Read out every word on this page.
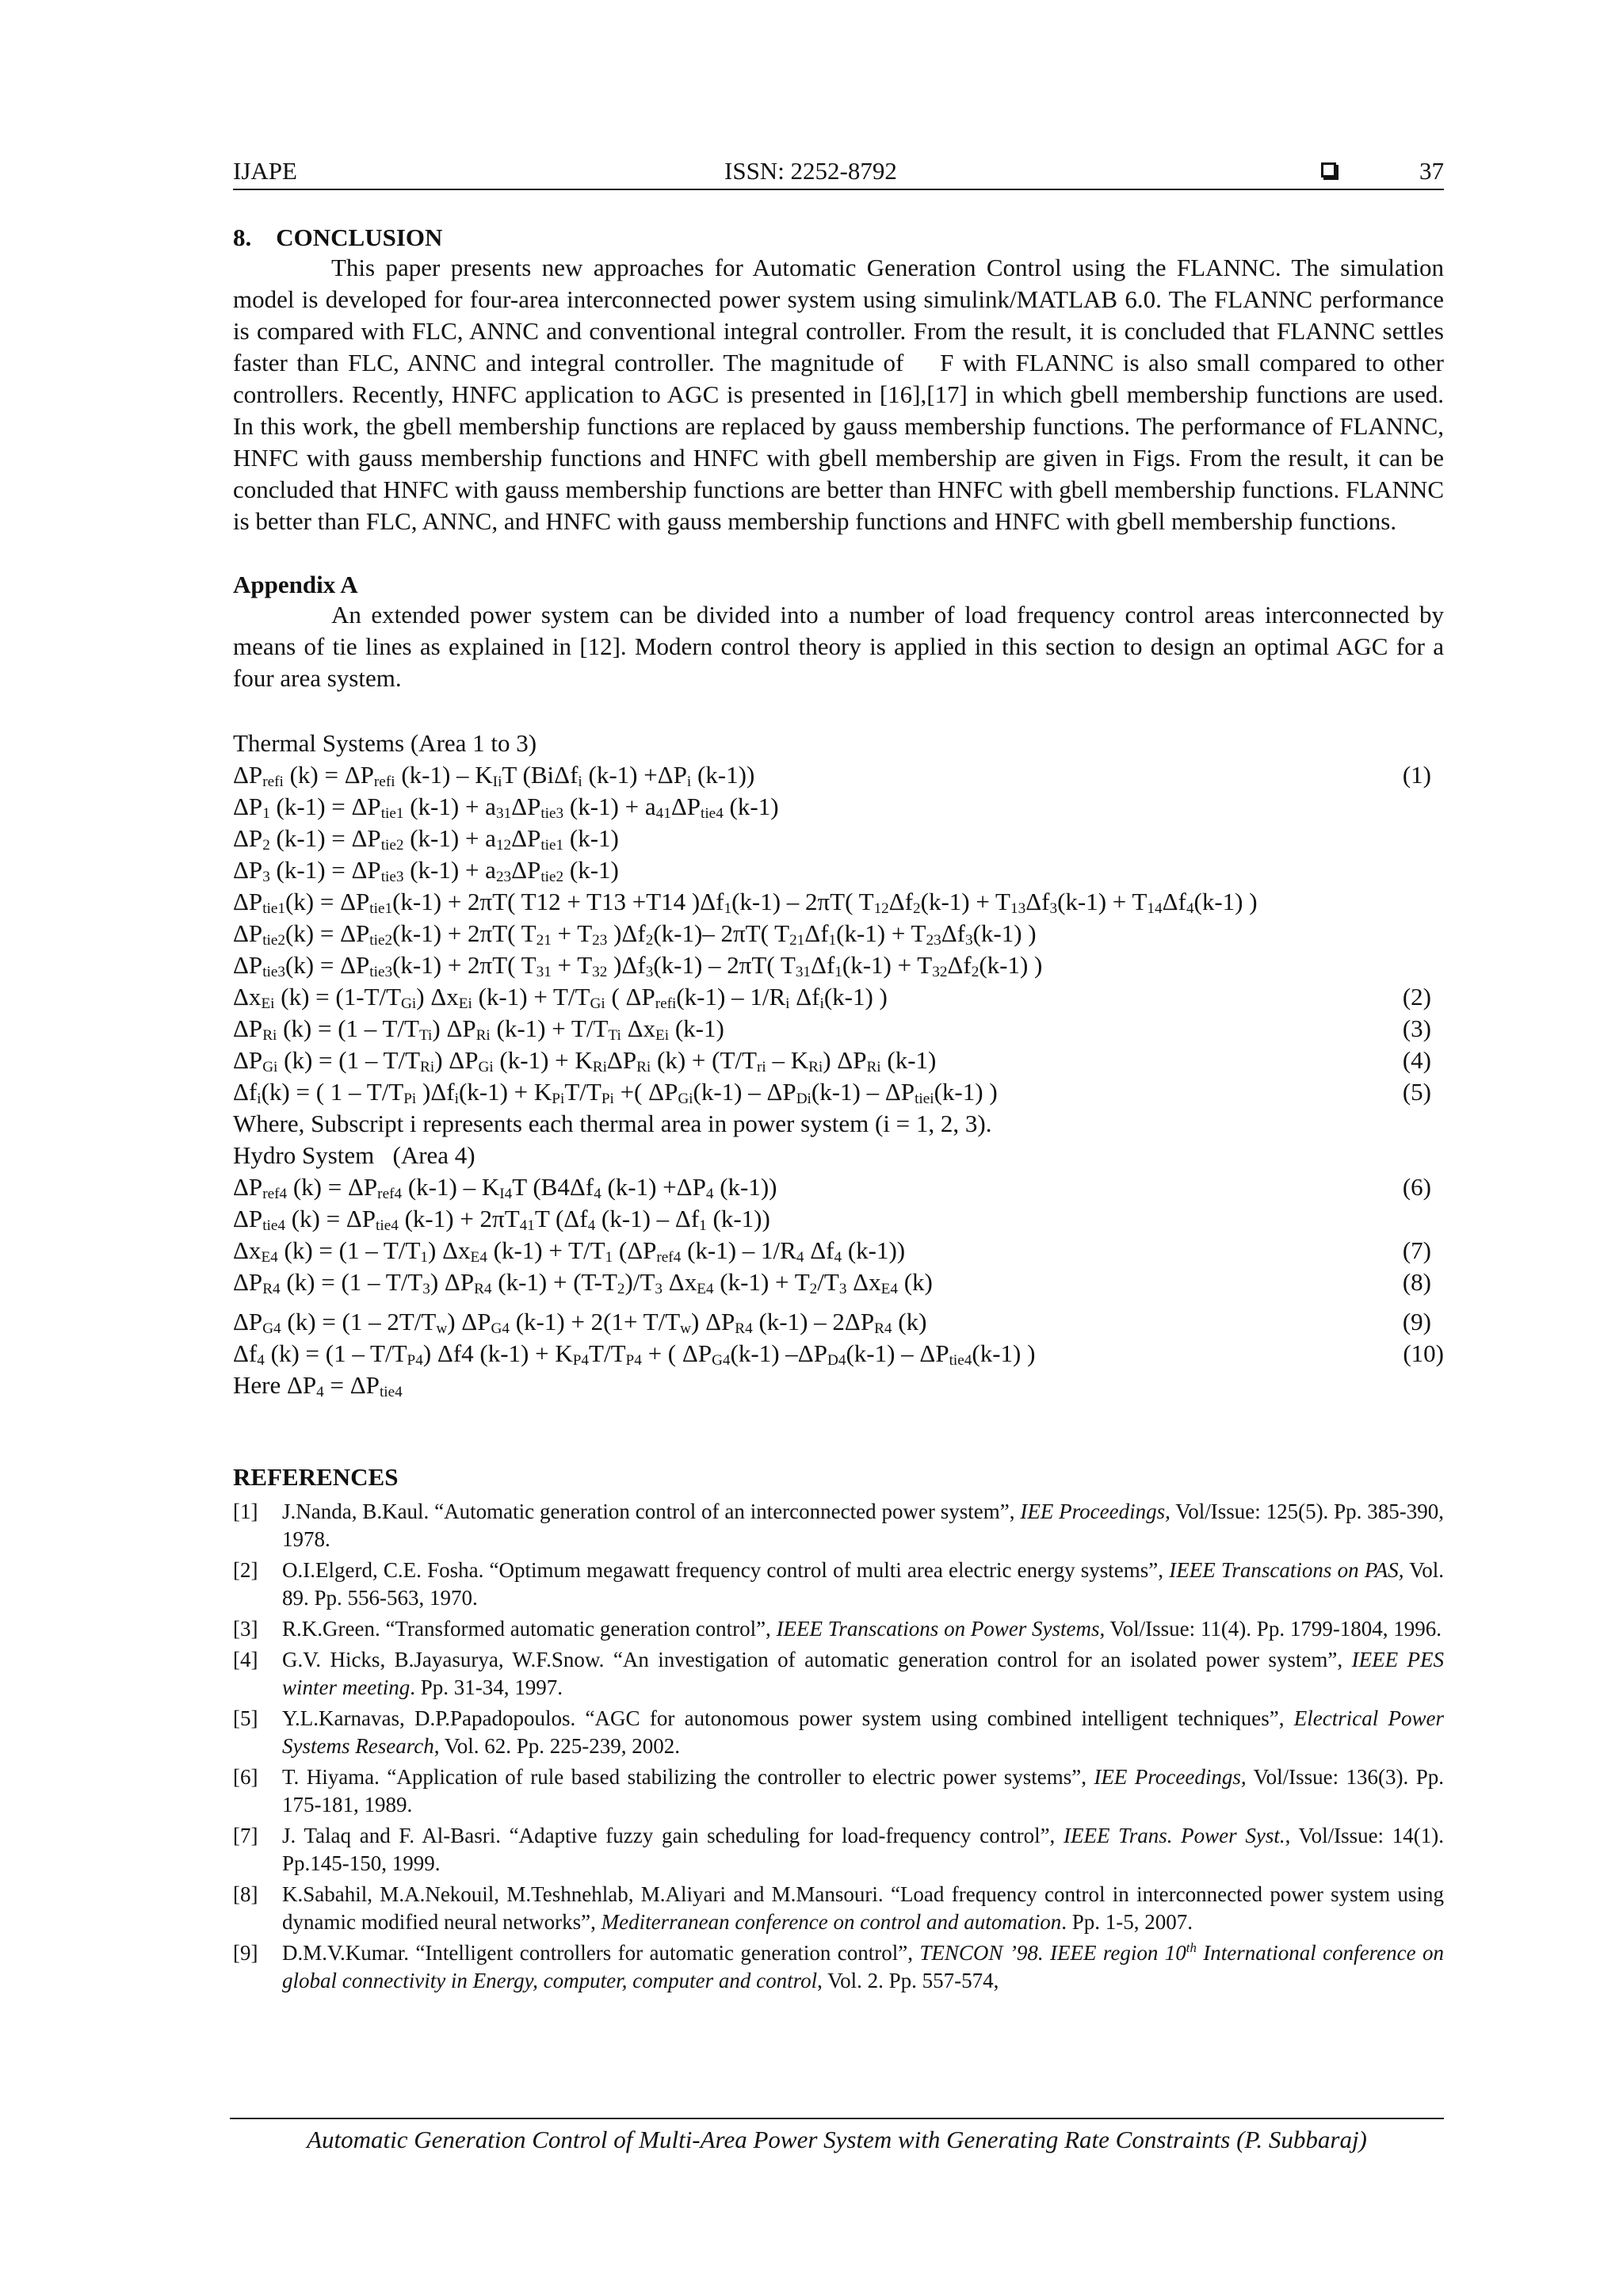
IJAPE	ISSN: 2252-8792	37
8.    CONCLUSION

This paper presents new approaches for Automatic Generation Control using the FLANNC. The simulation model is developed for four-area interconnected power system using simulink/MATLAB 6.0. The FLANNC performance is compared with FLC, ANNC and conventional integral controller. From the result, it is concluded that FLANNC settles faster than FLC, ANNC and integral controller. The magnitude of    F with FLANNC is also small compared to other controllers. Recently, HNFC application to AGC is presented in [16],[17] in which gbell membership functions are used. In this work, the gbell membership functions are replaced by gauss membership functions. The performance of FLANNC, HNFC with gauss membership functions and HNFC with gbell membership are given in Figs. From the result, it can be concluded that HNFC with gauss membership functions are better than HNFC with gbell membership functions. FLANNC is better than FLC, ANNC, and HNFC with gauss membership functions and HNFC with gbell membership functions.

Appendix A

An extended power system can be divided into a number of load frequency control areas interconnected by means of tie lines as explained in [12]. Modern control theory is applied in this section to design an optimal AGC for a four area system.

Thermal Systems (Area 1 to 3)
$\Delta P_{refi}$ $(k) = \Delta P_{refi}$ $(k-1) - K_{Ii}T$ (BiΔf$_i$ $(k-1) +\Delta P_i$ (k-1))	(1)
$\Delta P_1$ $(k-1) = \Delta P_{tie1}$ $(k-1) + a_{31}\Delta P_{tie3}$ $(k-1) + a_{41}\Delta P_{tie4}$ (k-1)
$\Delta P_2$ $(k-1) = \Delta P_{tie2}$ $(k-1) + a_{12}\Delta P_{tie1}$ (k-1)
$\Delta P_3$ $(k-1) = \Delta P_{tie3}$ $(k-1) + a_{23}\Delta P_{tie2}$ (k-1)
$\Delta P_{tie1}(k) = \Delta P_{tie1}(k-1) + 2\pi T$( T12 + T13 +T14 )$\Delta f_1(k-1) - 2\pi T$( $T_{12}\Delta f_2(k-1) + T_{13}\Delta f_3(k-1) + T_{14}\Delta f_4(k-1)$ )
$\Delta P_{tie2}(k) = \Delta P_{tie2}(k-1) + 2\pi T$( $T_{21} + T_{23}$ )$\Delta f_2(k-1)-$ 2πT( $T_{21}\Delta f_1(k-1) + T_{23}\Delta f_3(k-1)$ )
$\Delta P_{tie3}(k) = \Delta P_{tie3}(k-1) + 2\pi T$( $T_{31} + T_{32}$ )$\Delta f_3(k-1) - 2\pi T$( $T_{31}\Delta f_1(k-1) + T_{32}\Delta f_2(k-1)$ )
$\Delta x_{Ei}$ $(k) = (1-T/T_{Gi})$ $\Delta x_{Ei}$ $(k-1) + T/T_{Gi}$ ( $\Delta P_{refi}(k-1) - 1/R_i$ $\Delta f_i(k-1)$ )	(2)
$\Delta P_{Ri}$ $(k) = (1 - T/T_{Ti})$ $\Delta P_{Ri}$ $(k-1) + T/T_{Ti}$ $\Delta x_{Ei}$ (k-1)	(3)
$\Delta P_{Gi}$ $(k) = (1 - T/T_{Ri})$ $\Delta P_{Gi}$ $(k-1) + K_{Ri}\Delta P_{Ri}$ $(k) + (T/T_{ri} - K_{Ri})$ $\Delta P_{Ri}$ (k-1)	(4)
$\Delta f_i(k)$ = ( $1 - T/T_{Pi}$ )$\Delta f_i(k-1) + K_{Pi}T/T_{Pi}$ +( $\Delta P_{Gi}(k-1) - \Delta P_{Di}(k-1) - \Delta P_{tiei}(k-1)$ )	(5)
Where, Subscript i represents each thermal area in power system (i = 1, 2, 3).
Hydro System   (Area 4)
$\Delta P_{ref4}$ $(k) = \Delta P_{ref4}$ $(k-1) - K_{I4}T$ ($B4\Delta f_4$ $(k-1) +\Delta P_4$ (k-1))	(6)
$\Delta P_{tie4}$ $(k) = \Delta P_{tie4}$ $(k-1) + 2\pi T_{41}T$ ($\Delta f_4$ $(k-1) - \Delta f_1$ (k-1))
$\Delta x_{E4}$ $(k) = (1 - T/T_1)$ $\Delta x_{E4}$ $(k-1) + T/T_1$ ($\Delta P_{ref4}$ $(k-1) - 1/R_4$ $\Delta f_4$ (k-1))	(7)
$\Delta P_{R4}$ $(k) = (1 - T/T_3)$ $\Delta P_{R4}$ $(k-1) + (T-T_2)/T_3$ $\Delta x_{E4}$ $(k-1) + T_2/T_3$ $\Delta x_{E4}$ (k)	(8)
$\Delta P_{G4}$ $(k) = (1 - 2T/T_w)$ $\Delta P_{G4}$ $(k-1) + 2(1+ T/T_w)$ $\Delta P_{R4}$ $(k-1) - 2\Delta P_{R4}$ (k)	(9)
$\Delta f_4$ $(k) = (1 - T/T_{P4})$ Δf4 $(k-1) + K_{P4}T/T_{P4}$ + ( $\Delta P_{G4}(k-1)$ $-\Delta P_{D4}(k-1) - \Delta P_{tie4}(k-1)$ )	(10)
Here $\Delta P_4 = \Delta P_{tie4}$
REFERENCES
[1] J.Nanda, B.Kaul. “Automatic generation control of an interconnected power system”, IEE Proceedings, Vol/Issue: 125(5). Pp. 385-390, 1978.
[2] O.I.Elgerd, C.E. Fosha. “Optimum megawatt frequency control of multi area electric energy systems”, IEEE Transcations on PAS, Vol. 89. Pp. 556-563, 1970.
[3] R.K.Green. “Transformed automatic generation control”, IEEE Transcations on Power Systems, Vol/Issue: 11(4). Pp. 1799-1804, 1996.
[4] G.V. Hicks, B.Jayasurya, W.F.Snow. “An investigation of automatic generation control for an isolated power system”, IEEE PES winter meeting. Pp. 31-34, 1997.
[5] Y.L.Karnavas, D.P.Papadopoulos. “AGC for autonomous power system using combined intelligent techniques”, Electrical Power Systems Research, Vol. 62. Pp. 225-239, 2002.
[6] T. Hiyama. “Application of rule based stabilizing the controller to electric power systems”, IEE Proceedings, Vol/Issue: 136(3). Pp. 175-181, 1989.
[7] J. Talaq and F. Al-Basri. “Adaptive fuzzy gain scheduling for load-frequency control”, IEEE Trans. Power Syst., Vol/Issue: 14(1). Pp.145-150, 1999.
[8] K.Sabahil, M.A.Nekouil, M.Teshnehlab, M.Aliyari and M.Mansouri. “Load frequency control in interconnected power system using dynamic modified neural networks”, Mediterranean conference on control and automation. Pp. 1-5, 2007.
[9] D.M.V.Kumar. “Intelligent controllers for automatic generation control”, TENCON ’98. IEEE region 10th International conference on global connectivity in Energy, computer, computer and control, Vol. 2. Pp. 557-574,
Automatic Generation Control of Multi-Area Power System with Generating Rate Constraints (P. Subbaraj)
